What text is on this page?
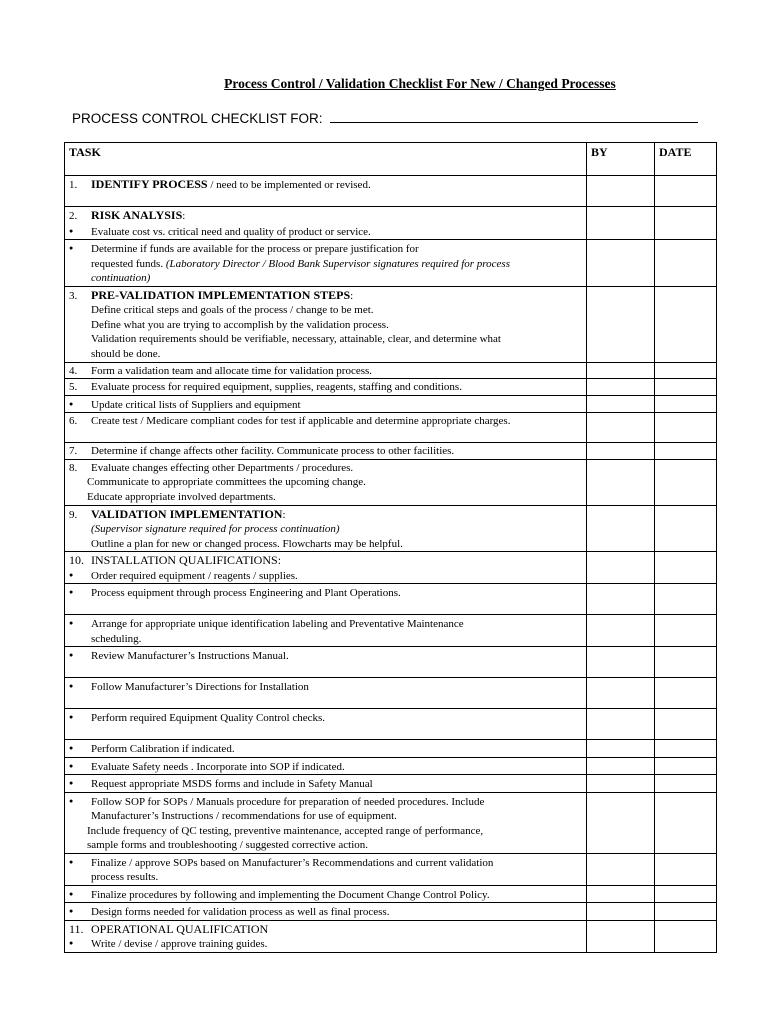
Process Control / Validation Checklist For New / Changed Processes
PROCESS CONTROL CHECKLIST FOR:
TASK	BY	DATE

1. IDENTIFY PROCESS / need to be implemented or revised.		

2. RISK ANALYSIS:
● Evaluate cost vs. critical need and quality of product or service.		

● Determine if funds are available for the process or prepare justification for
requested funds. (Laboratory Director / Blood Bank Supervisor signatures required for process
continuation)		

3. PRE-VALIDATION IMPLEMENTATION STEPS:
Define critical steps and goals of the process / change to be met.
Define what you are trying to accomplish by the validation process.
Validation requirements should be verifiable, necessary, attainable, clear, and determine what
should be done.		

4. Form a validation team and allocate time for validation process.		

5. Evaluate process for required equipment, supplies, reagents, staffing and conditions.		

● Update critical lists of Suppliers and equipment		

6. Create test / Medicare compliant codes for test if applicable and determine appropriate charges.		

7. Determine if change affects other facility. Communicate process to other facilities.		

8. Evaluate changes effecting other Departments / procedures.
Communicate to appropriate committees the upcoming change.
Educate appropriate involved departments.		

9. VALIDATION IMPLEMENTATION:
(Supervisor signature required for process continuation)
Outline a plan for new or changed process. Flowcharts may be helpful.		

10. INSTALLATION QUALIFICATIONS:
● Order required equipment / reagents / supplies.		

● Process equipment through process Engineering and Plant Operations.		

● Arrange for appropriate unique identification labeling and Preventative Maintenance
scheduling.		

● Review Manufacturer’s Instructions Manual.		

● Follow Manufacturer’s Directions for Installation		

● Perform required Equipment Quality Control checks.		

● Perform Calibration if indicated.		

● Evaluate Safety needs . Incorporate into SOP if indicated.		

● Request appropriate MSDS forms and include in Safety Manual		

● Follow SOP for SOPs / Manuals procedure for preparation of needed procedures. Include
Manufacturer’s Instructions / recommendations for use of equipment.
Include frequency of QC testing, preventive maintenance, accepted range of performance,
sample forms and troubleshooting / suggested corrective action.		

● Finalize / approve SOPs based on Manufacturer’s Recommendations and current validation
process results.		

● Finalize procedures by following and implementing the Document Change Control Policy.		

● Design forms needed for validation process as well as final process.		

11. OPERATIONAL QUALIFICATION
● Write / devise / approve training guides.		
